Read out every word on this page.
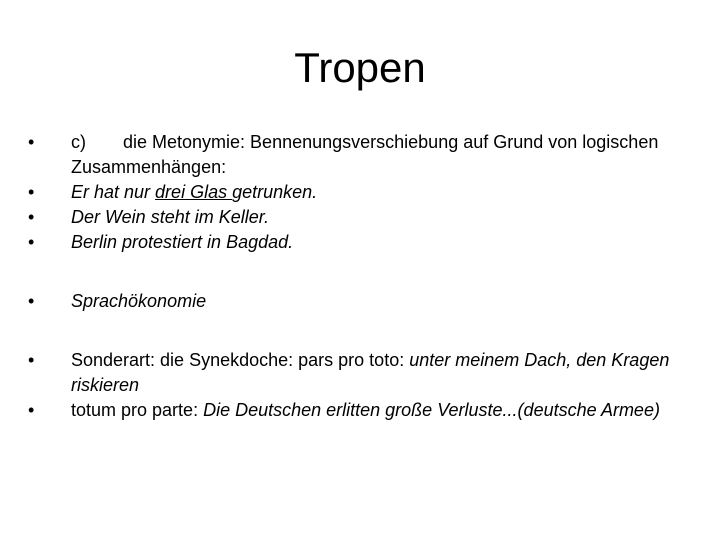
Tropen
•	c) die Metonymie: Bennenungsverschiebung auf Grund von logischen Zusammenhängen:
•	Er hat nur drei Glas getrunken.
•	Der Wein steht im Keller.
•	Berlin protestiert in Bagdad.
•	Sprachökonomie
•	Sonderart: die Synekdoche: pars pro toto: unter meinem Dach, den Kragen riskieren
•	totum pro parte: Die Deutschen erlitten große Verluste...(deutsche Armee)
